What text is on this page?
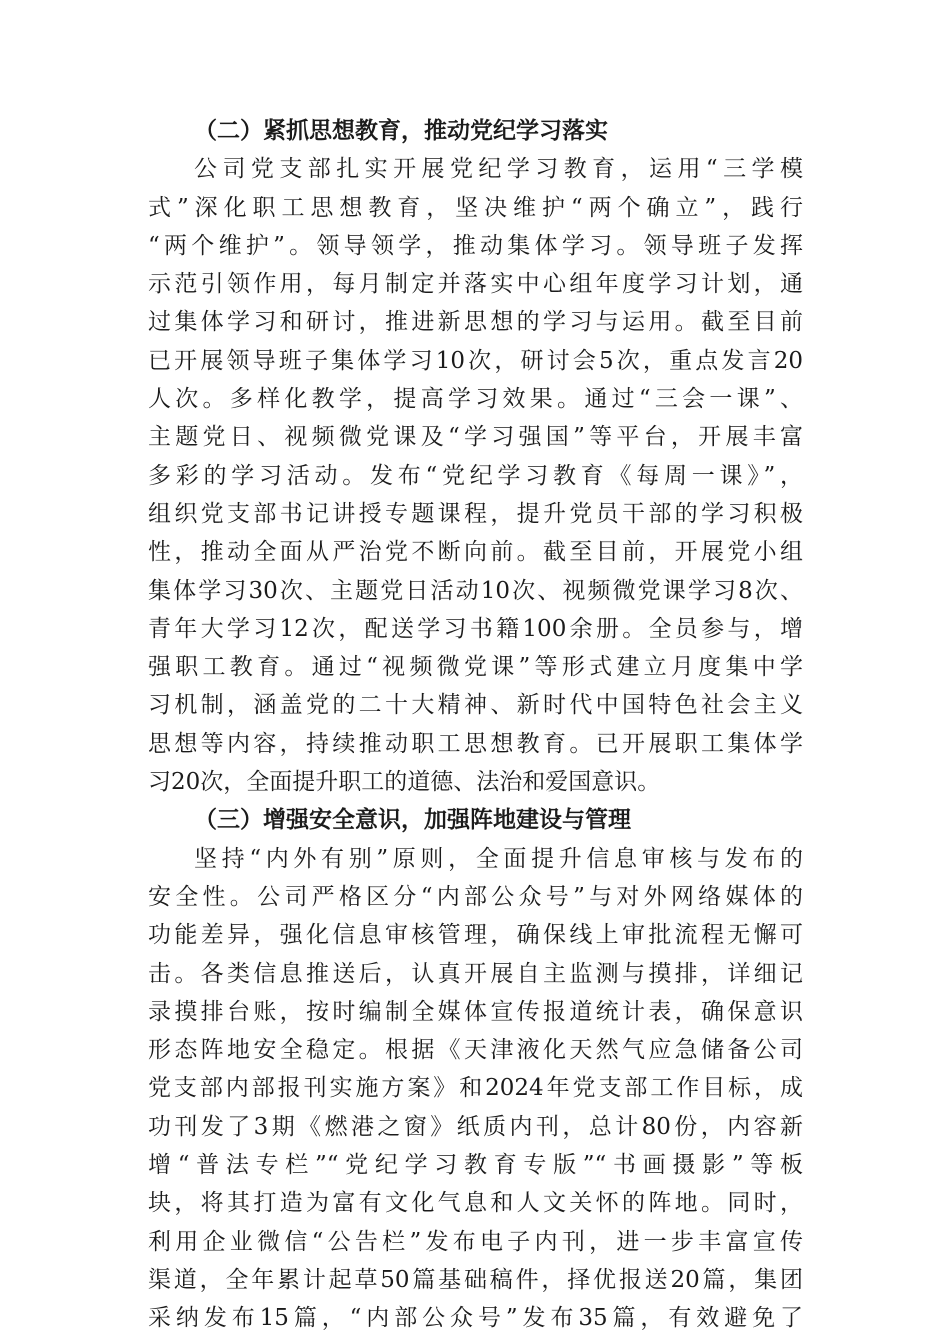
（二）紧抓思想教育，推动党纪学习落实
公司党支部扎实开展党纪学习教育，运用“三学模
式”深化职工思想教育，坚决维护“两个确立”，践行
“两个维护”。领导领学，推动集体学习。领导班子发挥
示范引领作用，每月制定并落实中心组年度学习计划，通
过集体学习和研讨，推进新思想的学习与运用。截至目前
已开展领导班子集体学习10次，研讨会5次，重点发言20
人次。多样化教学，提高学习效果。通过“三会一课”、
主题党日、视频微党课及“学习强国”等平台，开展丰富
多彩的学习活动。发布“党纪学习教育《每周一课》”，
组织党支部书记讲授专题课程，提升党员干部的学习积极
性，推动全面从严治党不断向前。截至目前，开展党小组
集体学习30次、主题党日活动10次、视频微党课学习8次、
青年大学习12次，配送学习书籍100余册。全员参与，增
强职工教育。通过“视频微党课”等形式建立月度集中学
习机制，涵盖党的二十大精神、新时代中国特色社会主义
思想等内容，持续推动职工思想教育。已开展职工集体学
习20次，全面提升职工的道德、法治和爱国意识。
（三）增强安全意识，加强阵地建设与管理
坚持“内外有别”原则，全面提升信息审核与发布的
安全性。公司严格区分“内部公众号”与对外网络媒体的
功能差异，强化信息审核管理，确保线上审批流程无懈可
击。各类信息推送后，认真开展自主监测与摸排，详细记
录摸排台账，按时编制全媒体宣传报道统计表，确保意识
形态阵地安全稳定。根据《天津液化天然气应急储备公司
党支部内部报刊实施方案》和2024年党支部工作目标，成
功刊发了3期《燃港之窗》纸质内刊，总计80份，内容新
增“普法专栏”“党纪学习教育专版”“书画摄影”等板
块，将其打造为富有文化气息和人文关怀的阵地。同时，
利用企业微信“公告栏”发布电子内刊，进一步丰富宣传
渠道，全年累计起草50篇基础稿件，择优报送20篇，集团
采纳发布15篇，“内部公众号”发布35篇，有效避免了
